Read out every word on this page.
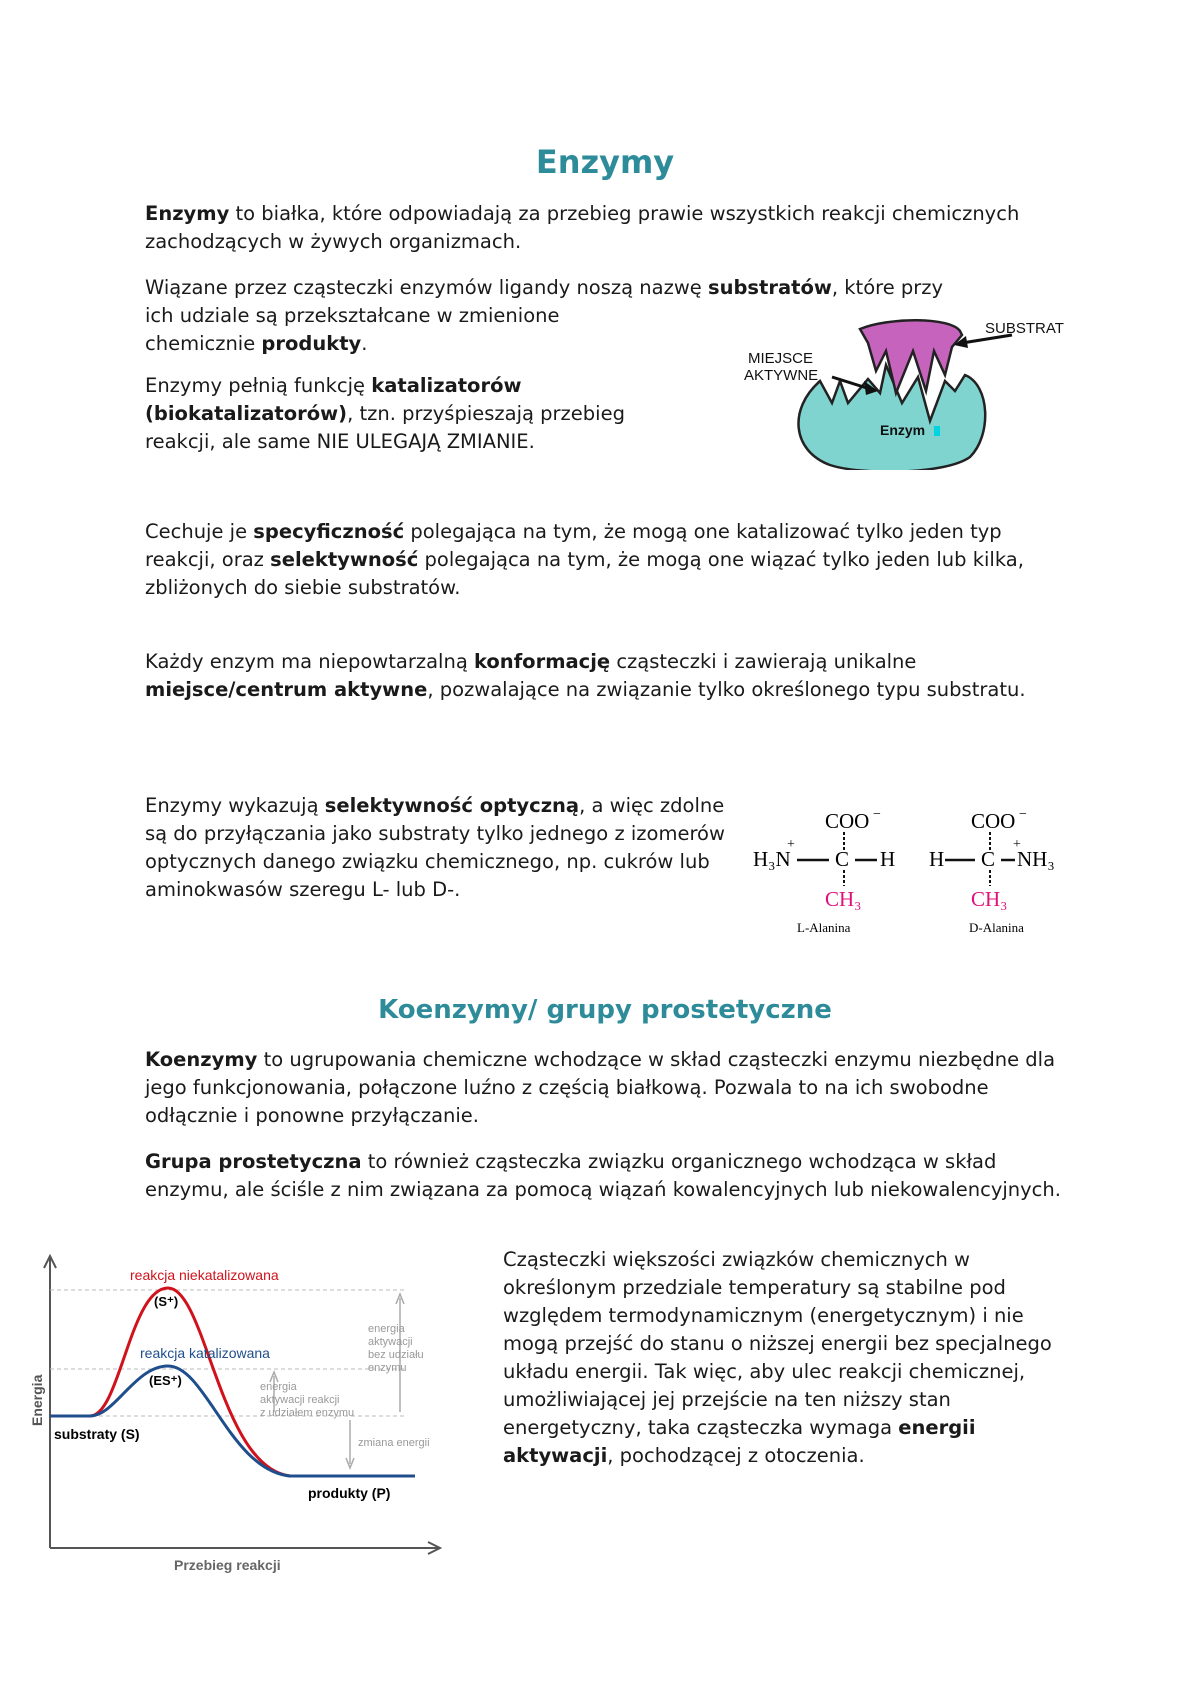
Enzymy

Enzymy to białka, które odpowiadają za przebieg prawie wszystkich reakcji chemicznych zachodzących w żywych organizmach.

Wiązane przez cząsteczki enzymów ligandy noszą nazwę substratów, które przy
ich udziale są przekształcane w zmienione
chemicznie produkty.

Enzymy pełnią funkcję katalizatorów
(biokatalizatorów), tzn. przyśpieszają przebieg
reakcji, ale same NIE ULEGAJĄ ZMIANIE.

SUBSTRAT
MIEJSCE
AKTYWNE
Enzym

Cechuje je specyficzność polegająca na tym, że mogą one katalizować tylko jeden typ reakcji, oraz selektywność polegająca na tym, że mogą one wiązać tylko jeden lub kilka, zbliżonych do siebie substratów.

Każdy enzym ma niepowtarzalną konformację cząsteczki i zawierają unikalne miejsce/centrum aktywne, pozwalające na związanie tylko określonego typu substratu.

Enzymy wykazują selektywność optyczną, a więc zdolne są do przyłączania jako substraty tylko jednego z izomerów optycznych danego związku chemicznego, np. cukrów lub aminokwasów szeregu L- lub D-.

COO −
+
H₃N C H
CH₃
L-Alanina
COO −
H C
+
NH₃
CH₃
D-Alanina
Koenzymy/ grupy prostetyczne

Koenzymy to ugrupowania chemiczne wchodzące w skład cząsteczki enzymu niezbędne dla jego funkcjonowania, połączone luźno z częścią białkową. Pozwala to na ich swobodne odłącznie i ponowne przyłączanie.

Grupa prostetyczna to również cząsteczka związku organicznego wchodząca w skład enzymu, ale ściśle z nim związana za pomocą wiązań kowalencyjnych lub niekowalencyjnych.

Energia
Przebieg reakcji
reakcja niekatalizowana
(S⁺)
reakcja katalizowana
(ES⁺)
substraty (S)
produkty (P)
energia
aktywacji
bez udziału
enzymu
energia
aktywacji reakcji
z udziałem enzymu
zmiana energii

Cząsteczki większości związków chemicznych w określonym przedziale temperatury są stabilne pod względem termodynamicznym (energetycznym) i nie mogą przejść do stanu o niższej energii bez specjalnego układu energii. Tak więc, aby ulec reakcji chemicznej, umożliwiającej jej przejście na ten niższy stan energetyczny, taka cząsteczka wymaga energii aktywacji, pochodzącej z otoczenia.
